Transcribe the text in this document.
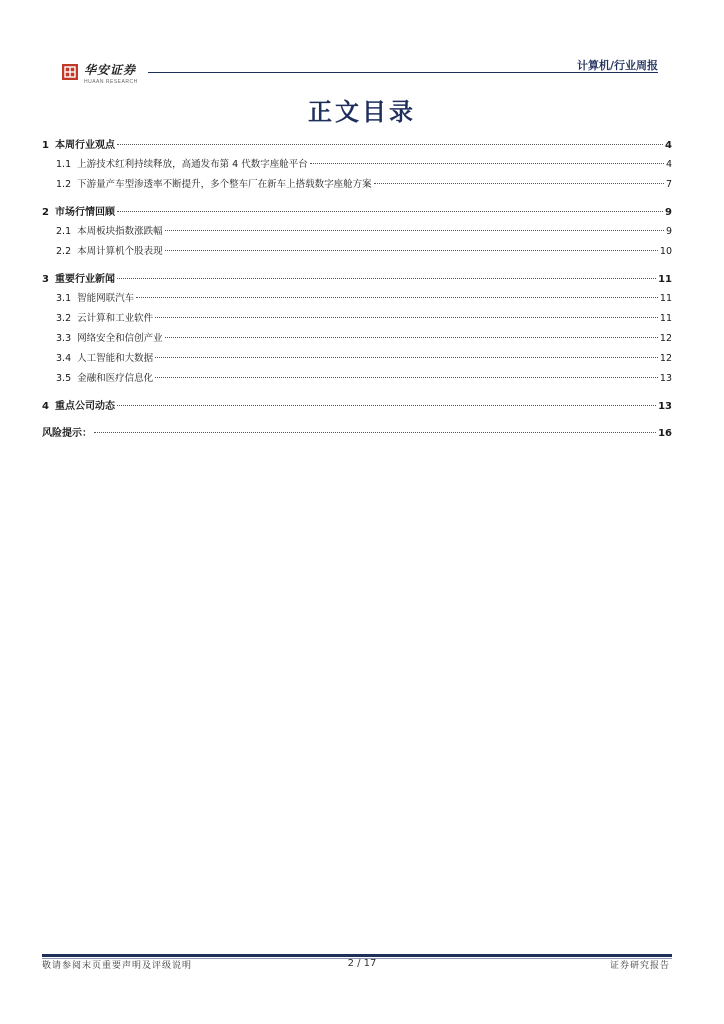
华安证券
HUAAN RESEARCH
计算机/行业周报
正文目录
1 本周行业观点	4
1.1 上游技术红利持续释放，高通发布第 4 代数字座舱平台	4
1.2 下游量产车型渗透率不断提升，多个整车厂在新车上搭载数字座舱方案	7
2 市场行情回顾	9
2.1 本周板块指数涨跌幅	9
2.2 本周计算机个股表现	10
3 重要行业新闻	11
3.1 智能网联汽车	11
3.2 云计算和工业软件	11
3.3 网络安全和信创产业	12
3.4 人工智能和大数据	12
3.5 金融和医疗信息化	13
4 重点公司动态	13
风险提示：	16
敬请参阅末页重要声明及评级说明	2 / 17	证券研究报告
